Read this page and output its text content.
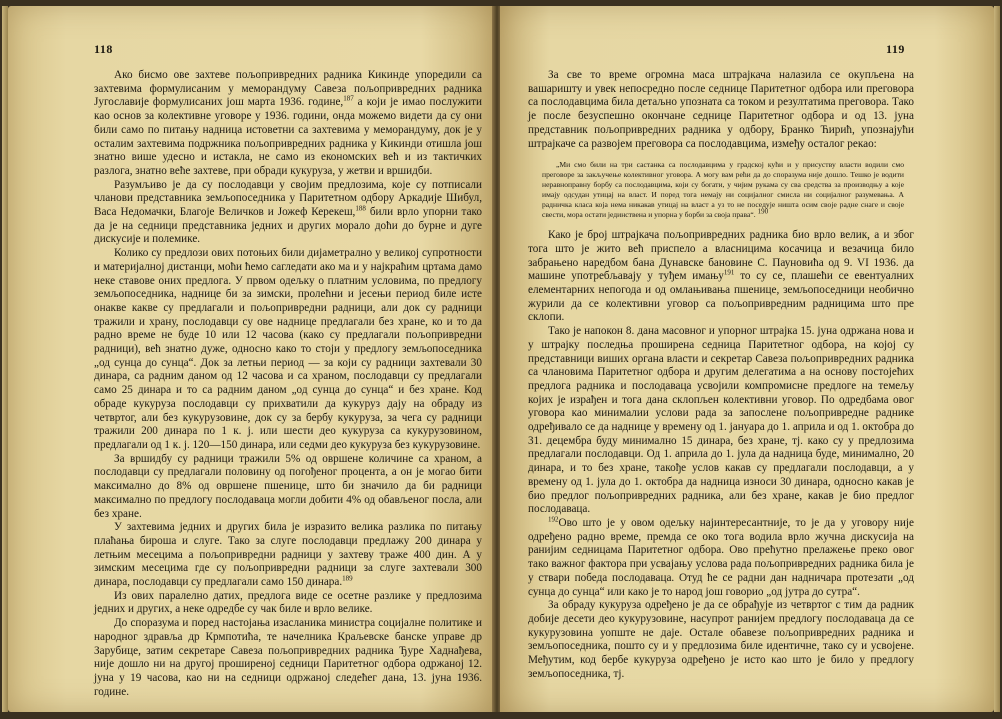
118

Ако бисмо ове захтеве пољопривредних радника Кикинде упоредили са захтевима формулисаним у меморандуму Савеза пољопривредних радника Југославије формулисаних још марта 1936. године,$^{187}$ а који је имао послужити као основ за колективне уговоре у 1936. години, онда можемо видети да су они били само по питању надница истоветни са захтевима у меморандуму, док је у осталим захтевима подржника пољопривредних радника у Кикинди отишла још знатно више удесно и истакла, не само из економских већ и из тактичких разлога, знатно веће захтеве, при обради кукуруза, у жетви и вршидби.

Разумљиво је да су послодавци у својим предлозима, које су потписали чланови представника земљопоседника у Паритетном одбору Аркадије Шибул, Васа Недомачки, Благоје Величков и Јожеф Керекеш,$^{188}$ били врло упорни тако да је на седници представника једних и других морало доћи до бурне и дуге дискусије и полемике.

Колико су предлози ових потоњих били дијаметрално у великој супротности и материјалној дистанци, моћи ћемо сагледати ако ма и у најкраћим цртама дамо неке ставове оних предлога. У првом одељку о платним условима, по предлогу земљопоседника, наднице би за зимски, пролећни и јесењи период биле исте онакве какве су предлагали и пољопривредни радници, али док су радници тражили и храну, послодавци су ове наднице предлагали без хране, ко и то да радно време не буде 10 или 12 часова (како су предлагали пољопривредни радници), већ знатно дуже, односно како то стоји у предлогу земљопоседника „од сунца до сунца“. Док за летњи период — за који су радници захтевали 30 динара, са радним даном од 12 часова и са храном, послодавци су предлагали само 25 динара и то са радним даном „од сунца до сунца“ и без хране. Код обраде кукуруза послодавци су прихватили да кукуруз дају на обраду из четвртог, али без кукурузовине, док су за бербу кукуруза, за чега су радници тражили 200 динара по 1 к. ј. или шести део кукуруза са кукурузовином, предлагали од 1 к. ј. 120—150 динара, или седми део кукуруза без кукурузовине.

За вршидбу су радници тражили 5% од овршене количине са храном, а послодавци су предлагали половину од погођеног процента, а он је могао бити максимално до 8% од овршене пшенице, што би значило да би радници максимално по предлогу послодаваца могли добити 4% од обављеног посла, али без хране.

У захтевима једних и других била је изразито велика разлика по питању плаћања бироша и слуге. Тако за слуге послодавци предлажу 200 динара у летњим месецима а пољопривредни радници у захтеву траже 400 дин. А у зимским месецима где су пољопривредни радници за слуге захтевали 300 динара, послодавци су предлагали само 150 динара.$^{189}$

Из ових паралелно датих, предлога виде се осетне разлике у предлозима једних и других, а неке одредбе су чак биле и врло велике.

До споразума и поред настојања изасланика министра социјалне политике и народног здравља др Крмпотића, те начелника Краљевске банске управе др Зарубице, затим секретаре Савеза пољопривредних радника Ђуре Хаднађева, није дошло ни на другој проширеној седници Паритетног одбора одржаној 12. јуна у 19 часова, као ни на седници одржаној следећег дана, 13. јуна 1936. године.

119

За све то време огромна маса штрајкача налазила се окупљена на вашаришту и увек непосредно после седнице Паритетног одбора или преговора са послодавцима била детаљно упозната са током и резултатима преговора. Тако је после безуспешно окончане седнице Паритетног одбора и од 13. јуна представник пољопривредних радника у одбору, Бранко Ћирић, упознајући штрајкаче са развојем преговора са послодавцима, између осталог рекао:

„Ми смо били на три састанка са послодавцима у градској кући и у присуству власти водили смо преговоре за закључење колективног уговора. А могу вам рећи да до споразума није дошло. Тешко је водити неравноправну борбу са послодавцима, који су богати, у чијим рукама су сва средства за производњу а које имају одсудан утицај на власт. И поред тога немају ни социјалног смисла ни социјалног разумевања. А радничка класа која нема никакав утицај на власт а уз то не поседује ништа осим своје радне снаге и своје свести, мора остати јединствена и упорна у борби за своја права“. 190

Како је број штрајкача пољопривредних радника био врло велик, а и због тога што је жито већ приспело а власницима косачица и везачица било забрањено наредбом бана Дунавске бановине С. Пауновића од 9. VI 1936. да машине употребљавају у туђем имању$^{191}$ то су се, плашећи се евентуалних елементарних непогода и од омлањивања пшенице, земљопоседници необично журили да се колективни уговор са пољопривредним радницима што пре склопи.

Тако је напокон 8. дана масовног и упорног штрајка 15. јуна одржана нова и у штрајку последња проширена седница Паритетног одбора, на којој су представници виших органа власти и секретар Савеза пољопривредних радника са члановима Паритетног одбора и другим делегатима а на основу постојећих предлога радника и послодаваца усвојили компромисне предлоге на темељу којих је израђен и тога дана склопљен колективни уговор. По одредбама овог уговора као минималии услови рада за запослене пољопривредне раднике одређивало се да наднице у времену од 1. јануара до 1. априла и од 1. октобра до 31. децембра буду минимално 15 динара, без хране, тј. како су у предлозима предлагали послодавци. Од 1. априла до 1. јула да надница буде, минимално, 20 динара, и то без хране, такође услов какав су предлагали послодавци, а у времену од 1. јула до 1. октобра да надница износи 30 динара, односно какав је био предлог пољопривредних радника, али без хране, какав је био предлог послодаваца.

$^{192}$Ово што је у овом одељку најинтересантније, то је да у уговору није одређено радно време, премда се око тога водила врло жучна дискусија на ранијим седницама Паритетног одбора. Ово прећутно прелажење преко овог тако важног фактора при усвајању услова рада пољопривредних радника била је у ствари победа послодаваца. Отуд ће се радни дан надничара протезати „од сунца до сунца“ или како је то народ још говорио „од јутра до сутра“.

За обраду кукуруза одређено је да се обрађује из четвртог с тим да радник добије десети део кукурузовине, насупрот ранијем предлогу послодаваца да се кукурузовина уопште не даје. Остале обавезе пољопривредних радника и земљопоседника, пошто су и у предлозима биле идентичне, тако су и усвојене. Међутим, код бербе кукуруза одређено је исто као што је било у предлогу земљопоседника, тј.
